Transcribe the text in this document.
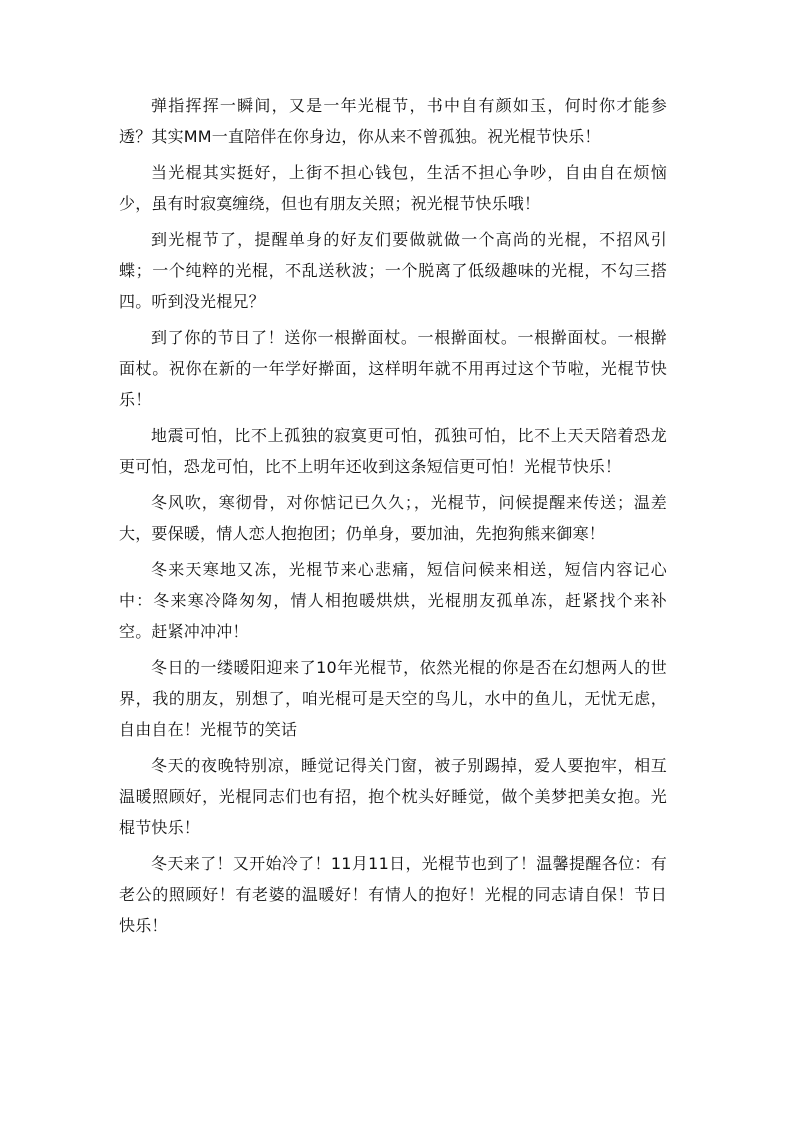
弹指挥挥一瞬间，又是一年光棍节，书中自有颜如玉，何时你才能参透？其实MM一直陪伴在你身边，你从来不曾孤独。祝光棍节快乐！

当光棍其实挺好，上街不担心钱包，生活不担心争吵，自由自在烦恼少，虽有时寂寞缠绕，但也有朋友关照；祝光棍节快乐哦！

到光棍节了，提醒单身的好友们要做就做一个高尚的光棍，不招风引蝶；一个纯粹的光棍，不乱送秋波；一个脱离了低级趣味的光棍，不勾三搭四。听到没光棍兄？

到了你的节日了！送你一根擀面杖。一根擀面杖。一根擀面杖。一根擀面杖。祝你在新的一年学好擀面，这样明年就不用再过这个节啦，光棍节快乐！

地震可怕，比不上孤独的寂寞更可怕，孤独可怕，比不上天天陪着恐龙更可怕，恐龙可怕，比不上明年还收到这条短信更可怕！光棍节快乐！

冬风吹，寒彻骨，对你惦记已久久；，光棍节，问候提醒来传送；温差大，要保暖，情人恋人抱抱团；仍单身，要加油，先抱狗熊来御寒！

冬来天寒地又冻，光棍节来心悲痛，短信问候来相送，短信内容记心中：冬来寒冷降匆匆，情人相抱暖烘烘，光棍朋友孤单冻，赶紧找个来补空。赶紧冲冲冲！

冬日的一缕暖阳迎来了10年光棍节，依然光棍的你是否在幻想两人的世界，我的朋友，别想了，咱光棍可是天空的鸟儿，水中的鱼儿，无忧无虑，自由自在！光棍节的笑话

冬天的夜晚特别凉，睡觉记得关门窗，被子别踢掉，爱人要抱牢，相互温暖照顾好，光棍同志们也有招，抱个枕头好睡觉，做个美梦把美女抱。光棍节快乐！

冬天来了！又开始冷了！11月11日，光棍节也到了！温馨提醒各位：有老公的照顾好！有老婆的温暖好！有情人的抱好！光棍的同志请自保！节日快乐！
